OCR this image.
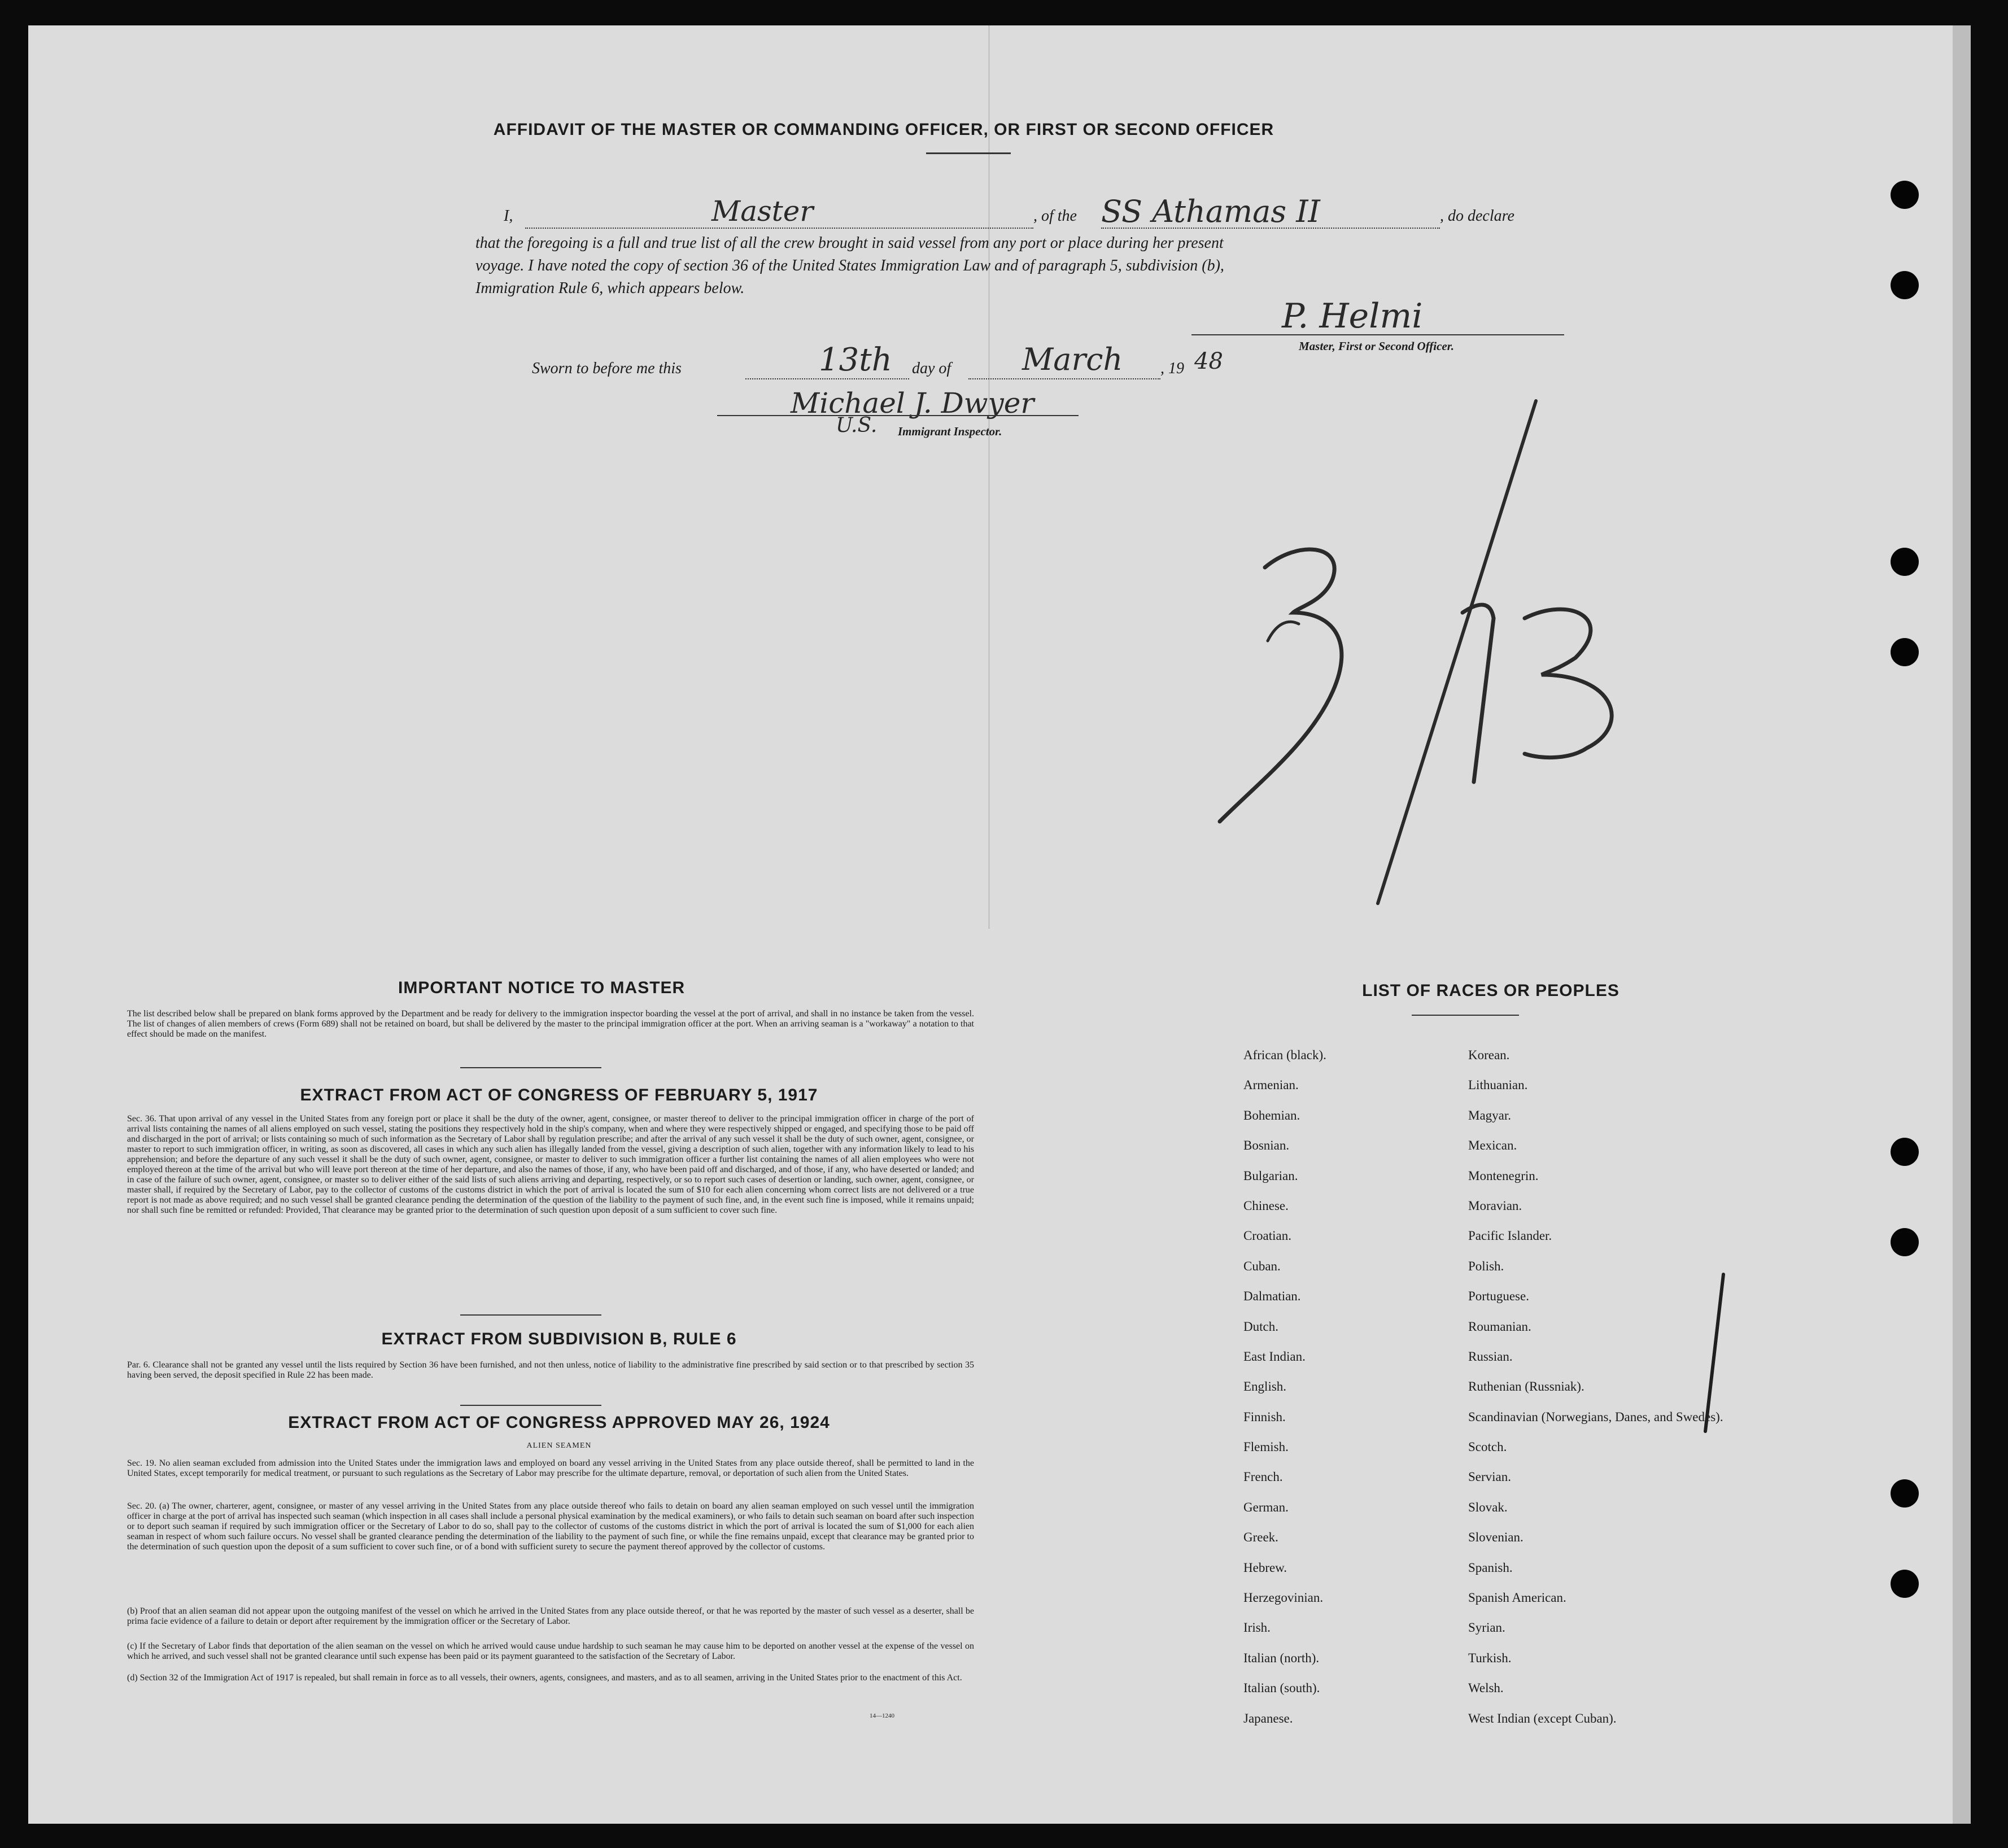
AFFIDAVIT OF THE MASTER OR COMMANDING OFFICER, OR FIRST OR SECOND OFFICER
I,	Master	, of the SS Athamas II	, do declare
that the foregoing is a full and true list of all the crew brought in said vessel from any port or place during her present
voyage. I have noted the copy of section 36 of the United States Immigration Law and of paragraph 5, subdivision (b),
Immigration Rule 6, which appears below.
P. Helmi
Master, First or Second Officer.
Sworn to before me this	13th day of March , 19 48
Michael J. Dwyer
U.S. Immigrant Inspector.
IMPORTANT NOTICE TO MASTER

The list described below shall be prepared on blank forms approved by the Department and be ready for delivery to the immigration inspector boarding the vessel at the port of arrival, and shall in no instance be taken from the vessel. The list of changes of alien members of crews (Form 689) shall not be retained on board, but shall be delivered by the master to the principal immigration officer at the port. When an arriving seaman is a "workaway" a notation to that effect should be made on the manifest.

EXTRACT FROM ACT OF CONGRESS OF FEBRUARY 5, 1917

Sec. 36. That upon arrival of any vessel in the United States from any foreign port or place it shall be the duty of the owner, agent, consignee, or master thereof to deliver to the principal immigration officer in charge of the port of arrival lists containing the names of all aliens employed on such vessel, stating the positions they respectively hold in the ship's company, when and where they were respectively shipped or engaged, and specifying those to be paid off and discharged in the port of arrival; or lists containing so much of such information as the Secretary of Labor shall by regulation prescribe; and after the arrival of any such vessel it shall be the duty of such owner, agent, consignee, or master to report to such immigration officer, in writing, as soon as discovered, all cases in which any such alien has illegally landed from the vessel, giving a description of such alien, together with any information likely to lead to his apprehension; and before the departure of any such vessel it shall be the duty of such owner, agent, consignee, or master to deliver to such immigration officer a further list containing the names of all alien employees who were not employed thereon at the time of the arrival but who will leave port thereon at the time of her departure, and also the names of those, if any, who have been paid off and discharged, and of those, if any, who have deserted or landed; and in case of the failure of such owner, agent, consignee, or master so to deliver either of the said lists of such aliens arriving and departing, respectively, or so to report such cases of desertion or landing, such owner, agent, consignee, or master shall, if required by the Secretary of Labor, pay to the collector of customs of the customs district in which the port of arrival is located the sum of $10 for each alien concerning whom correct lists are not delivered or a true report is not made as above required; and no such vessel shall be granted clearance pending the determination of the question of the liability to the payment of such fine, and, in the event such fine is imposed, while it remains unpaid; nor shall such fine be remitted or refunded: Provided, That clearance may be granted prior to the determination of such question upon deposit of a sum sufficient to cover such fine.

EXTRACT FROM SUBDIVISION B, RULE 6

Par. 6. Clearance shall not be granted any vessel until the lists required by Section 36 have been furnished, and not then unless, notice of liability to the administrative fine prescribed by said section or to that prescribed by section 35 having been served, the deposit specified in Rule 22 has been made.

EXTRACT FROM ACT OF CONGRESS APPROVED MAY 26, 1924
ALIEN SEAMEN

Sec. 19. No alien seaman excluded from admission into the United States under the immigration laws and employed on board any vessel arriving in the United States from any place outside thereof, shall be permitted to land in the United States, except temporarily for medical treatment, or pursuant to such regulations as the Secretary of Labor may prescribe for the ultimate departure, removal, or deportation of such alien from the United States.

Sec. 20. (a) The owner, charterer, agent, consignee, or master of any vessel arriving in the United States from any place outside thereof who fails to detain on board any alien seaman employed on such vessel until the immigration officer in charge at the port of arrival has inspected such seaman (which inspection in all cases shall include a personal physical examination by the medical examiners), or who fails to detain such seaman on board after such inspection or to deport such seaman if required by such immigration officer or the Secretary of Labor to do so, shall pay to the collector of customs of the customs district in which the port of arrival is located the sum of $1,000 for each alien seaman in respect of whom such failure occurs. No vessel shall be granted clearance pending the determination of the liability to the payment of such fine, or while the fine remains unpaid, except that clearance may be granted prior to the determination of such question upon the deposit of a sum sufficient to cover such fine, or of a bond with sufficient surety to secure the payment thereof approved by the collector of customs.

(b) Proof that an alien seaman did not appear upon the outgoing manifest of the vessel on which he arrived in the United States from any place outside thereof, or that he was reported by the master of such vessel as a deserter, shall be prima facie evidence of a failure to detain or deport after requirement by the immigration officer or the Secretary of Labor.

(c) If the Secretary of Labor finds that deportation of the alien seaman on the vessel on which he arrived would cause undue hardship to such seaman he may cause him to be deported on another vessel at the expense of the vessel on which he arrived, and such vessel shall not be granted clearance until such expense has been paid or its payment guaranteed to the satisfaction of the Secretary of Labor.

(d) Section 32 of the Immigration Act of 1917 is repealed, but shall remain in force as to all vessels, their owners, agents, consignees, and masters, and as to all seamen, arriving in the United States prior to the enactment of this Act.

14—1240
LIST OF RACES OR PEOPLES
African (black).
Armenian.
Bohemian.
Bosnian.
Bulgarian.
Chinese.
Croatian.
Cuban.
Dalmatian.
Dutch.
East Indian.
English.
Finnish.
Flemish.
French.
German.
Greek.
Hebrew.
Herzegovinian.
Irish.
Italian (north).
Italian (south).
Japanese.
Korean.
Lithuanian.
Magyar.
Mexican.
Montenegrin.
Moravian.
Pacific Islander.
Polish.
Portuguese.
Roumanian.
Russian.
Ruthenian (Russniak).
Scandinavian (Norwegians, Danes, and Swedes).
Scotch.
Servian.
Slovak.
Slovenian.
Spanish.
Spanish American.
Syrian.
Turkish.
Welsh.
West Indian (except Cuban).
